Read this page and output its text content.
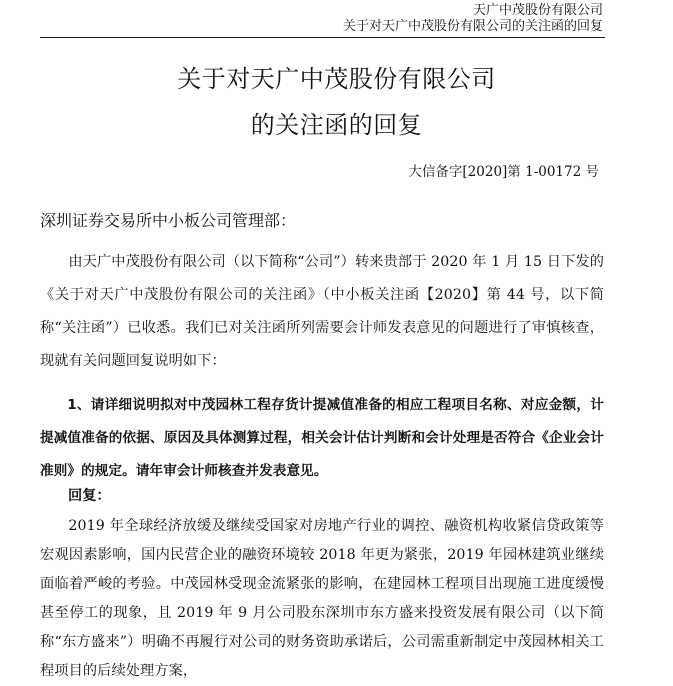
天广中茂股份有限公司
关于对天广中茂股份有限公司的关注函的回复
关于对天广中茂股份有限公司
的关注函的回复
大信备字[2020]第 1-00172 号
深圳证券交易所中小板公司管理部：
由天广中茂股份有限公司（以下简称“公司”）转来贵部于 2020 年 1 月 15 日下发的《关于对天广中茂股份有限公司的关注函》（中小板关注函【2020】第 44 号，以下简称“关注函”）已收悉。我们已对关注函所列需要会计师发表意见的问题进行了审慎核查，现就有关问题回复说明如下：
1、请详细说明拟对中茂园林工程存货计提减值准备的相应工程项目名称、对应金额，计提减值准备的依据、原因及具体测算过程，相关会计估计判断和会计处理是否符合《企业会计准则》的规定。请年审会计师核查并发表意见。
回复：
2019 年全球经济放缓及继续受国家对房地产行业的调控、融资机构收紧信贷政策等宏观因素影响，国内民营企业的融资环境较 2018 年更为紧张，2019 年园林建筑业继续面临着严峻的考验。中茂园林受现金流紧张的影响，在建园林工程项目出现施工进度缓慢甚至停工的现象，且 2019 年 9 月公司股东深圳市东方盛来投资发展有限公司（以下简称“东方盛来”）明确不再履行对公司的财务资助承诺后，公司需重新制定中茂园林相关工程项目的后续处理方案，
